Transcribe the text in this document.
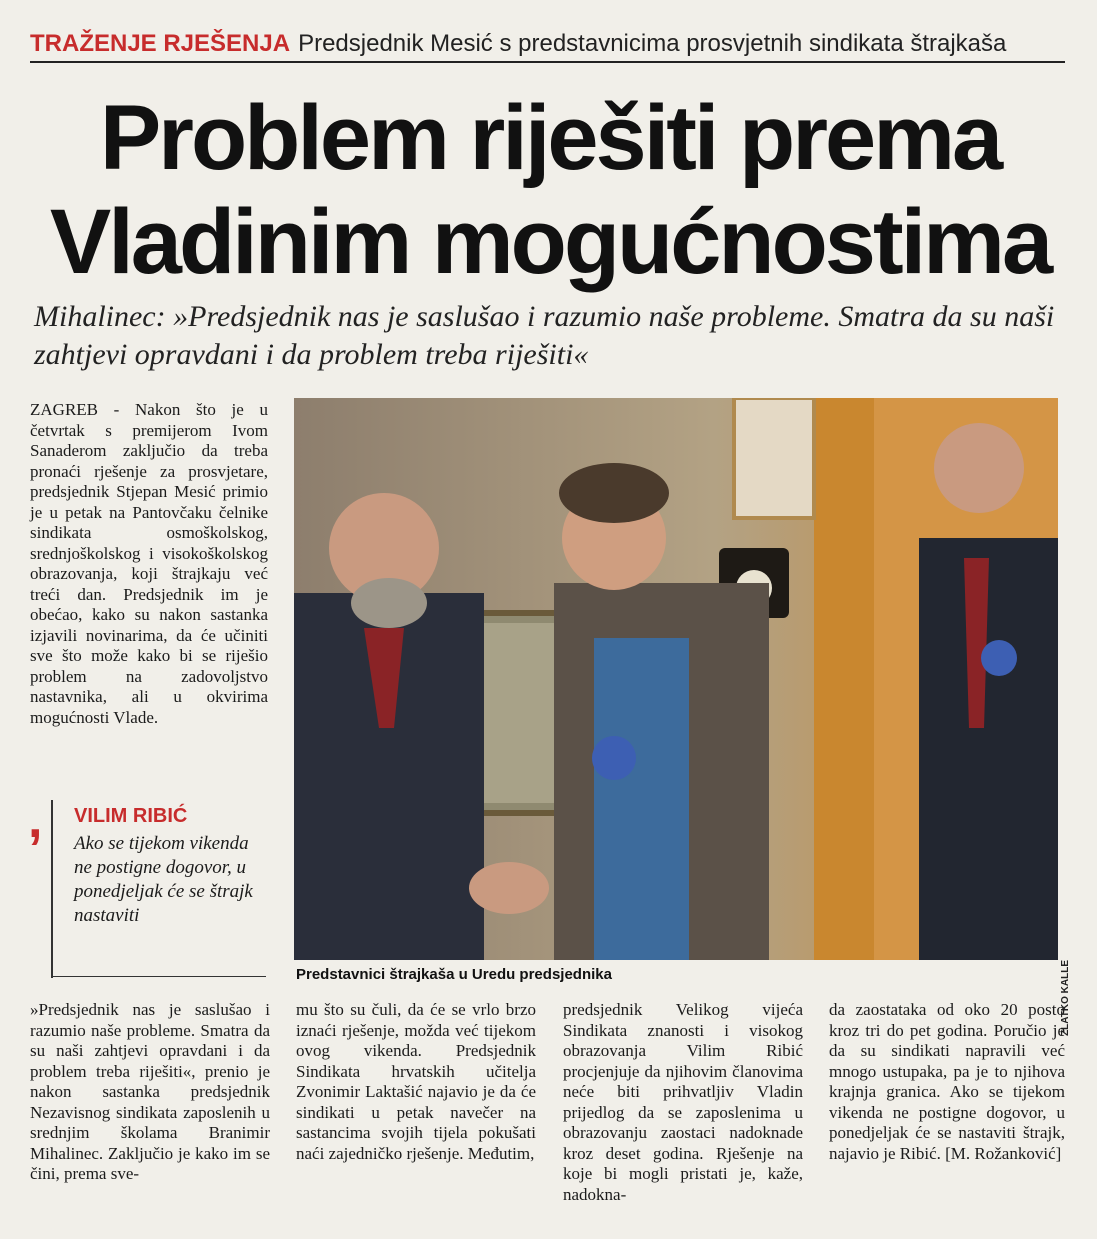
TRAŽENJE RJEŠENJA Predsjednik Mesić s predstavnicima prosvjetnih sindikata štrajkaša
Problem riješiti prema Vladinim mogućnostima
Mihalinec: »Predsjednik nas je saslušao i razumio naše probleme. Smatra da su naši zahtjevi opravdani i da problem treba riješiti«
ZAGREB - Nakon što je u četvrtak s premijerom Ivom Sanaderom zaključio da treba pronaći rješenje za prosvjetare, predsjednik Stjepan Mesić primio je u petak na Pantovčaku čelnike sindikata osmoškolskog, srednjoškolskog i visokoškolskog obrazovanja, koji štrajkaju već treći dan. Predsjednik im je obećao, kako su nakon sastanka izjavili novinarima, da će učiniti sve što može kako bi se riješio problem na zadovoljstvo nastavnika, ali u okvirima mogućnosti Vlade.
, VILIM RIBIĆ
Ako se tijekom vikenda ne postigne dogovor, u ponedjeljak će se štrajk nastaviti
ZLATKO KALLE
Predstavnici štrajkaša u Uredu predsjednika
»Predsjednik nas je saslušao i razumio naše probleme. Smatra da su naši zahtjevi opravdani i da problem treba riješiti«, prenio je nakon sastanka predsjednik Nezavisnog sindikata zaposlenih u srednjim školama Branimir Mihalinec. Zaključio je kako im se čini, prema sve-
mu što su čuli, da će se vrlo brzo iznaći rješenje, možda već tijekom ovog vikenda. Predsjednik Sindikata hrvatskih učitelja Zvonimir Laktašić najavio je da će sindikati u petak navečer na sastancima svojih tijela pokušati naći zajedničko rješenje. Međutim,
predsjednik Velikog vijeća Sindikata znanosti i visokog obrazovanja Vilim Ribić procjenjuje da njihovim članovima neće biti prihvatljiv Vladin prijedlog da se zaposlenima u obrazovanju zaostaci nadoknade kroz deset godina. Rješenje na koje bi mogli pristati je, kaže, nadokna-
da zaostataka od oko 20 posto kroz tri do pet godina. Poručio je da su sindikati napravili već mnogo ustupaka, pa je to njihova krajnja granica. Ako se tijekom vikenda ne postigne dogovor, u ponedjeljak će se nastaviti štrajk, najavio je Ribić. [M. Rožanković]
